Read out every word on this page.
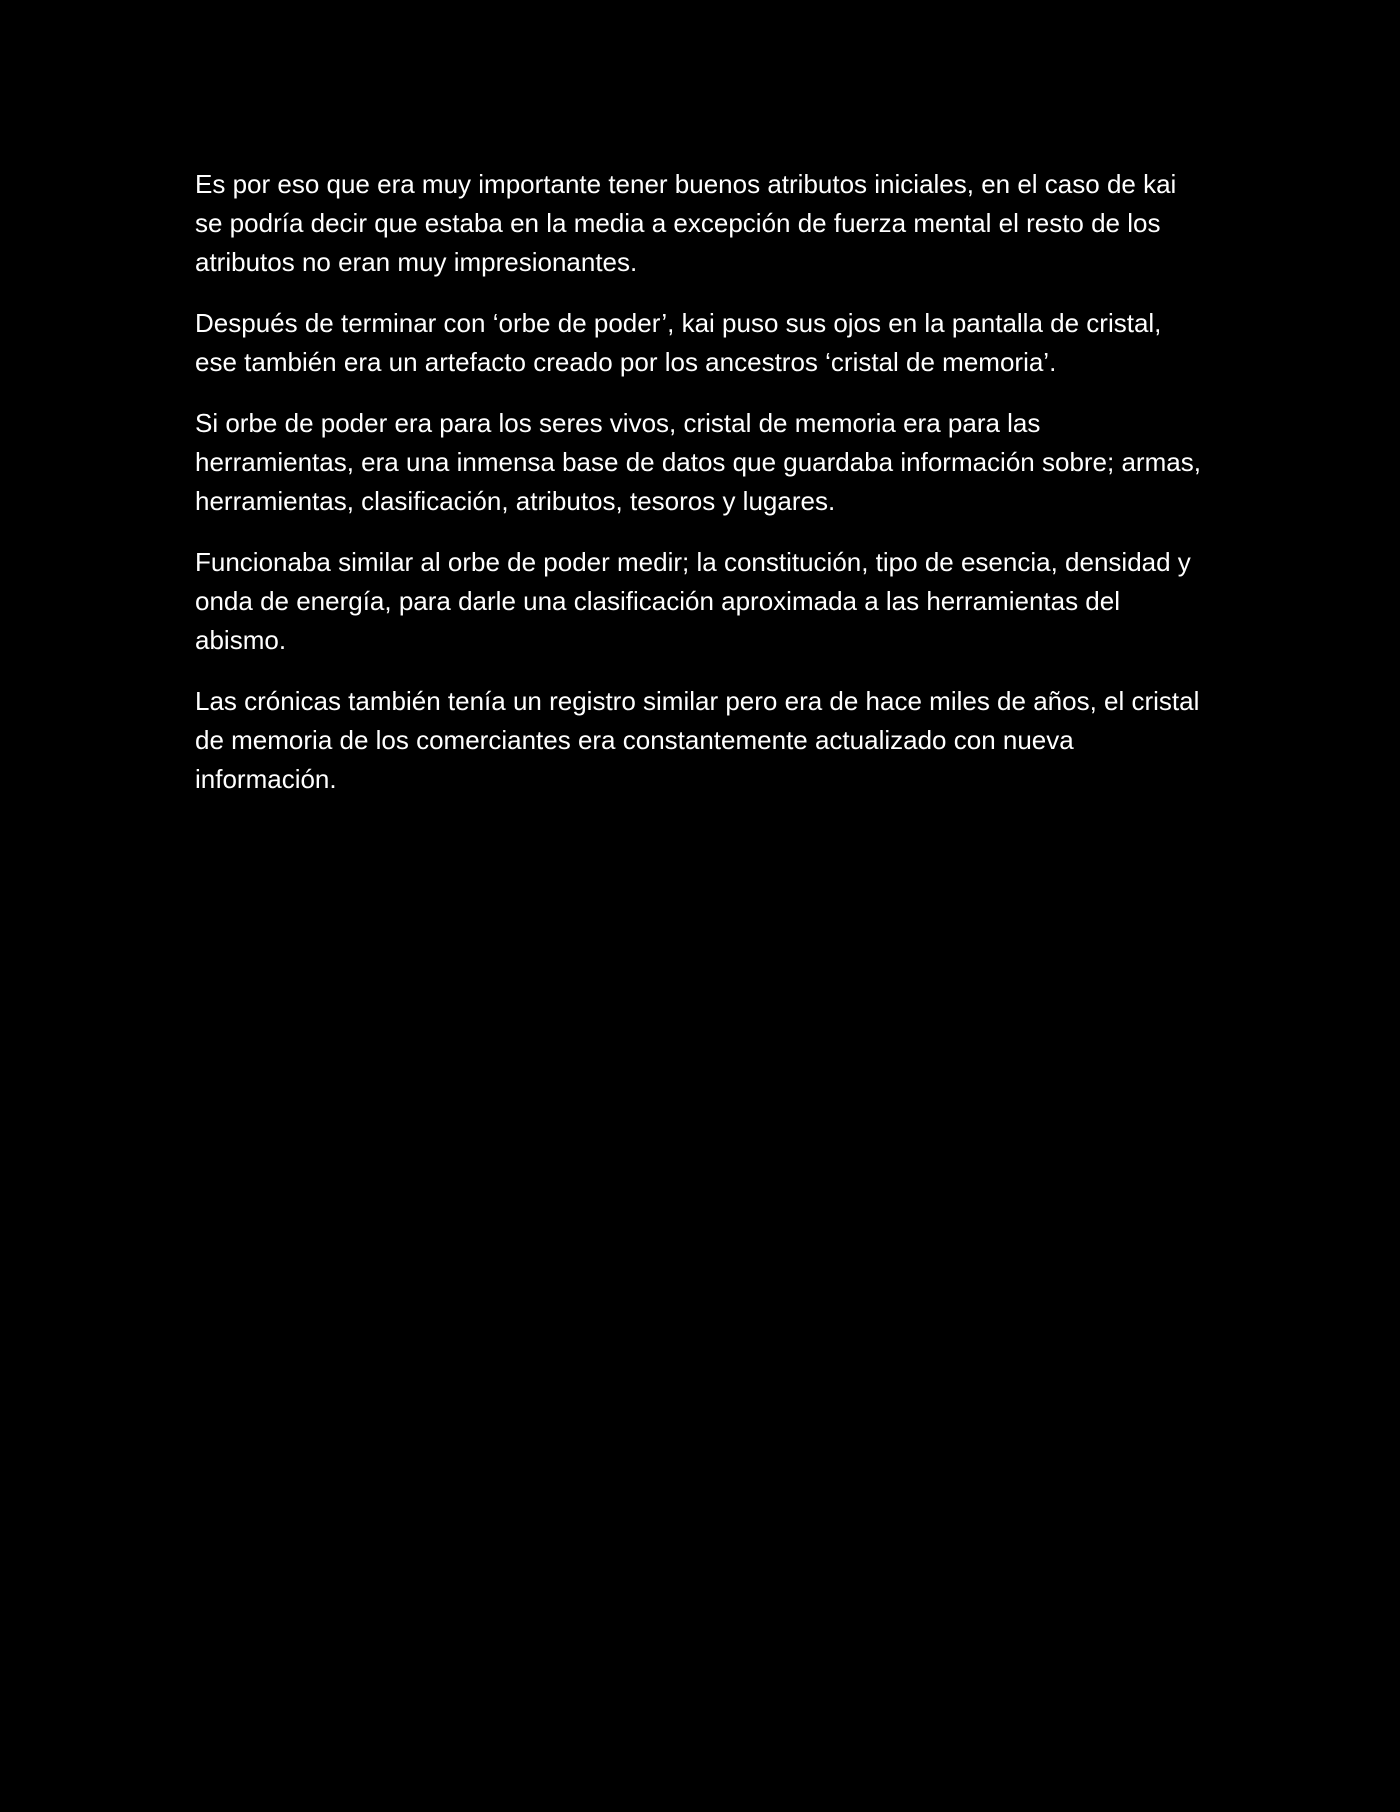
Es por eso que era muy importante tener buenos atributos iniciales, en el caso de kai se podría decir que estaba en la media a excepción de fuerza mental el resto de los atributos no eran muy impresionantes.

Después de terminar con ‘orbe de poder’, kai puso sus ojos en la pantalla de cristal, ese también era un artefacto creado por los ancestros ‘cristal de memoria’.

Si orbe de poder era para los seres vivos, cristal de memoria era para las herramientas, era una inmensa base de datos que guardaba información sobre; armas, herramientas, clasificación, atributos, tesoros y lugares.

Funcionaba similar al orbe de poder medir; la constitución, tipo de esencia, densidad y onda de energía, para darle una clasificación aproximada a las herramientas del abismo.

Las crónicas también tenía un registro similar pero era de hace miles de años, el cristal de memoria de los comerciantes era constantemente actualizado con nueva información.
